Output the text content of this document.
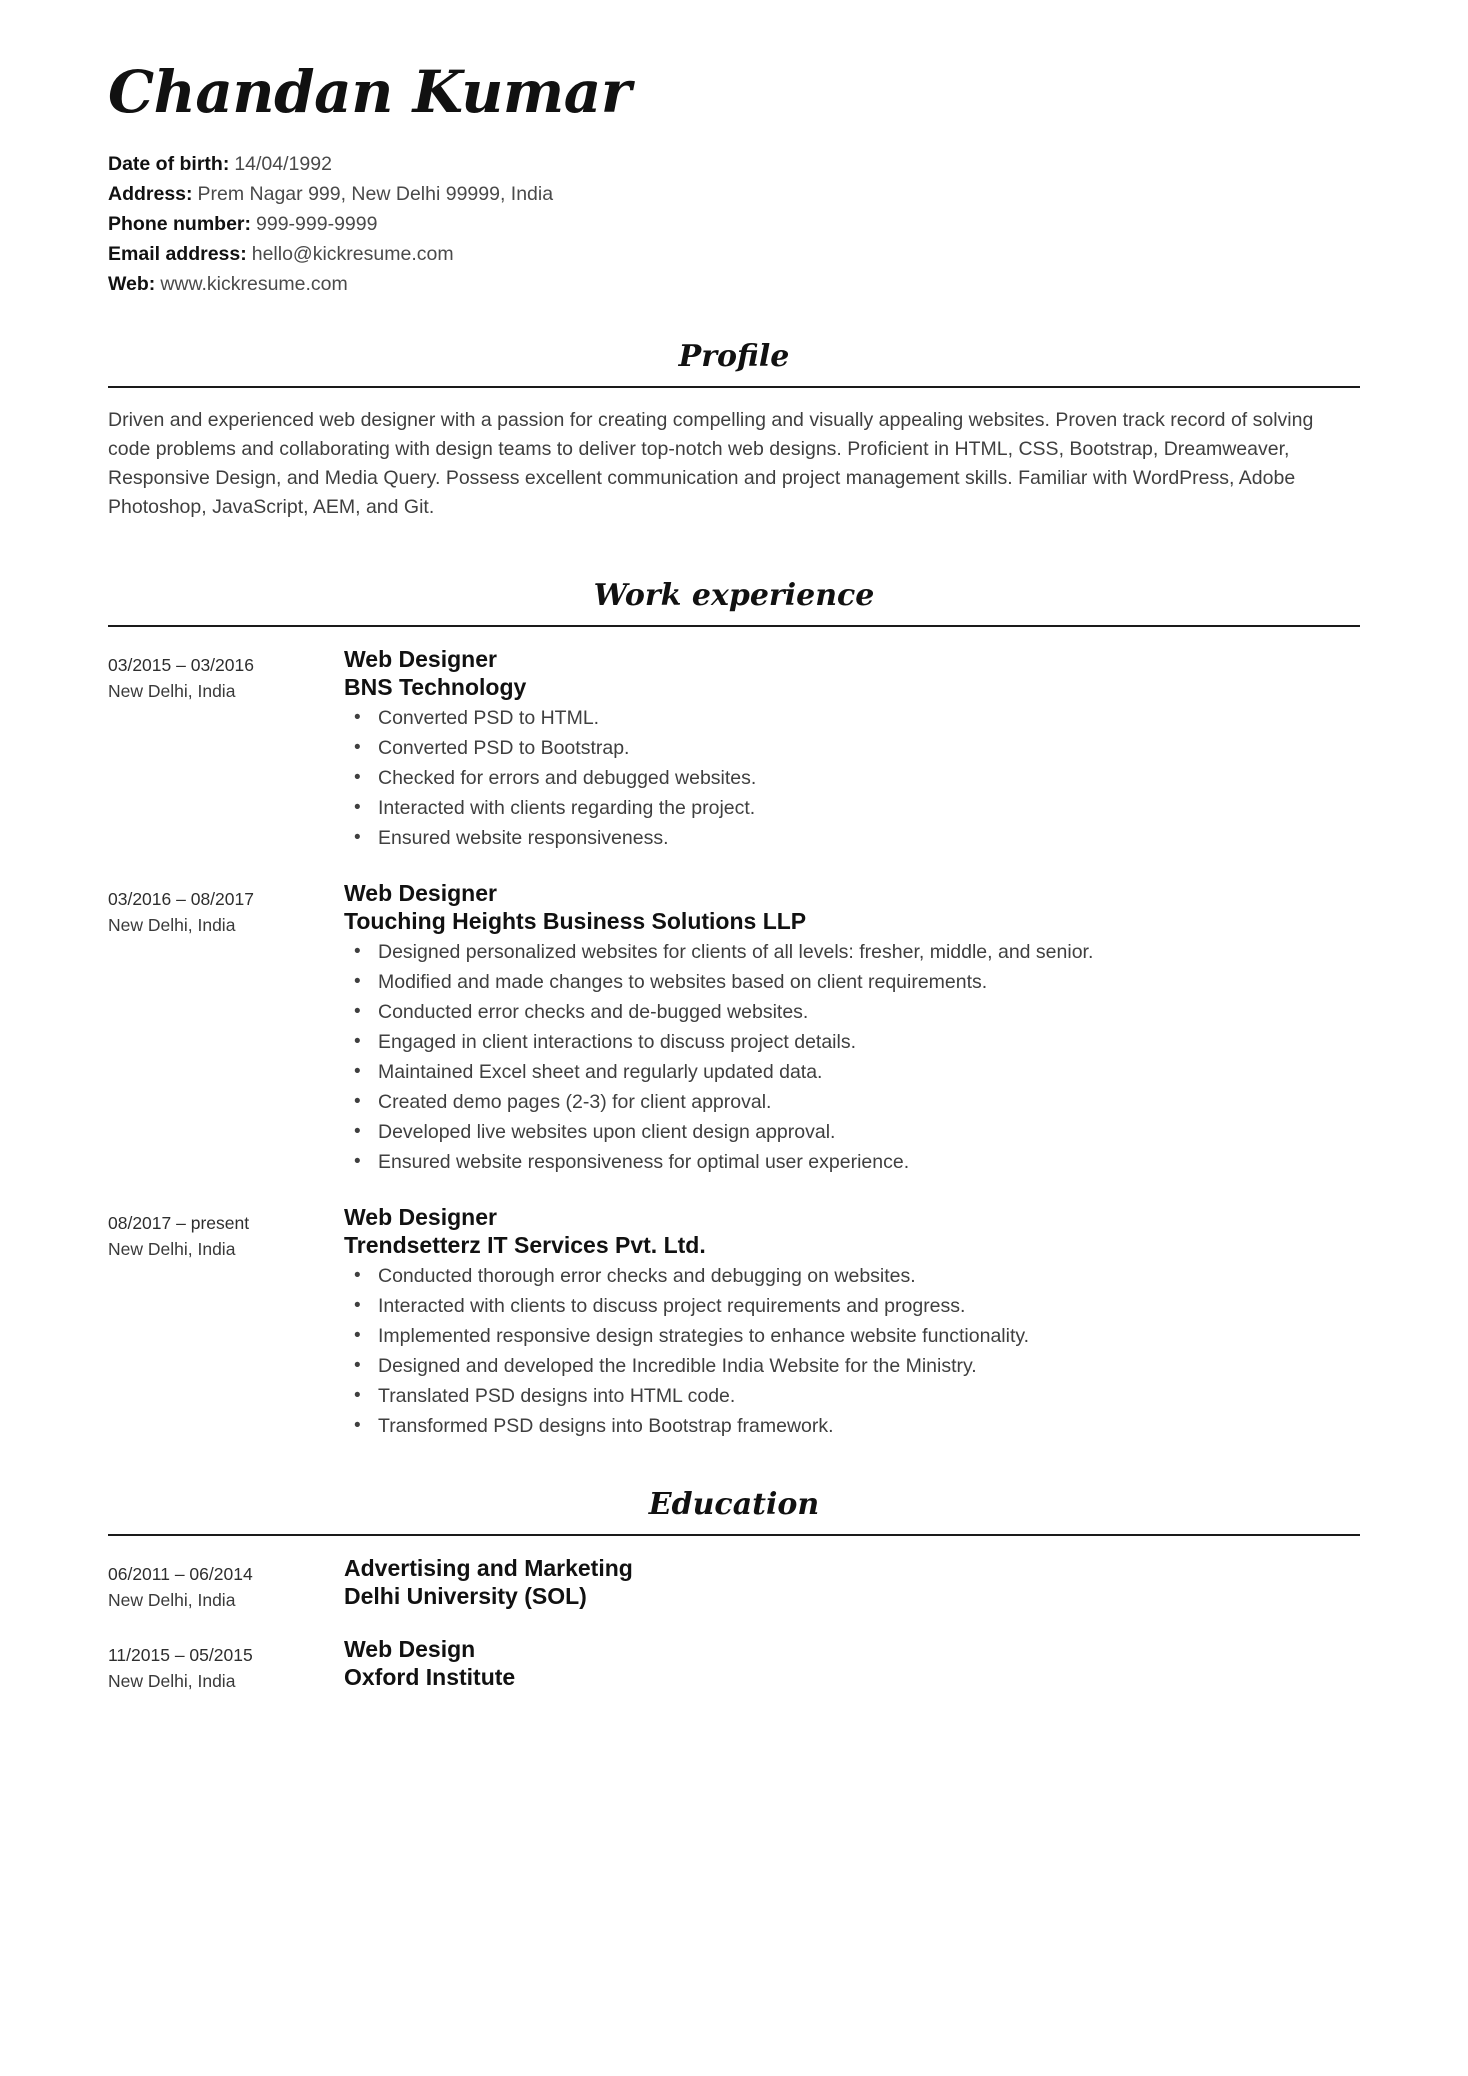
Chandan Kumar
Date of birth: 14/04/1992
Address: Prem Nagar 999, New Delhi 99999, India
Phone number: 999-999-9999
Email address: hello@kickresume.com
Web: www.kickresume.com
Profile

Driven and experienced web designer with a passion for creating compelling and visually appealing websites. Proven track record of solving code problems and collaborating with design teams to deliver top-notch web designs. Proficient in HTML, CSS, Bootstrap, Dreamweaver, Responsive Design, and Media Query. Possess excellent communication and project management skills. Familiar with WordPress, Adobe Photoshop, JavaScript, AEM, and Git.

Work experience
03/2015 – 03/2016
New Delhi, India
Web Designer
BNS Technology
• Converted PSD to HTML.
• Converted PSD to Bootstrap.
• Checked for errors and debugged websites.
• Interacted with clients regarding the project.
• Ensured website responsiveness.
03/2016 – 08/2017
New Delhi, India
Web Designer
Touching Heights Business Solutions LLP
• Designed personalized websites for clients of all levels: fresher, middle, and senior.
• Modified and made changes to websites based on client requirements.
• Conducted error checks and de-bugged websites.
• Engaged in client interactions to discuss project details.
• Maintained Excel sheet and regularly updated data.
• Created demo pages (2-3) for client approval.
• Developed live websites upon client design approval.
• Ensured website responsiveness for optimal user experience.
08/2017 – present
New Delhi, India
Web Designer
Trendsetterz IT Services Pvt. Ltd.
• Conducted thorough error checks and debugging on websites.
• Interacted with clients to discuss project requirements and progress.
• Implemented responsive design strategies to enhance website functionality.
• Designed and developed the Incredible India Website for the Ministry.
• Translated PSD designs into HTML code.
• Transformed PSD designs into Bootstrap framework.
Education
06/2011 – 06/2014
New Delhi, India
Advertising and Marketing
Delhi University (SOL)
11/2015 – 05/2015
New Delhi, India
Web Design
Oxford Institute
